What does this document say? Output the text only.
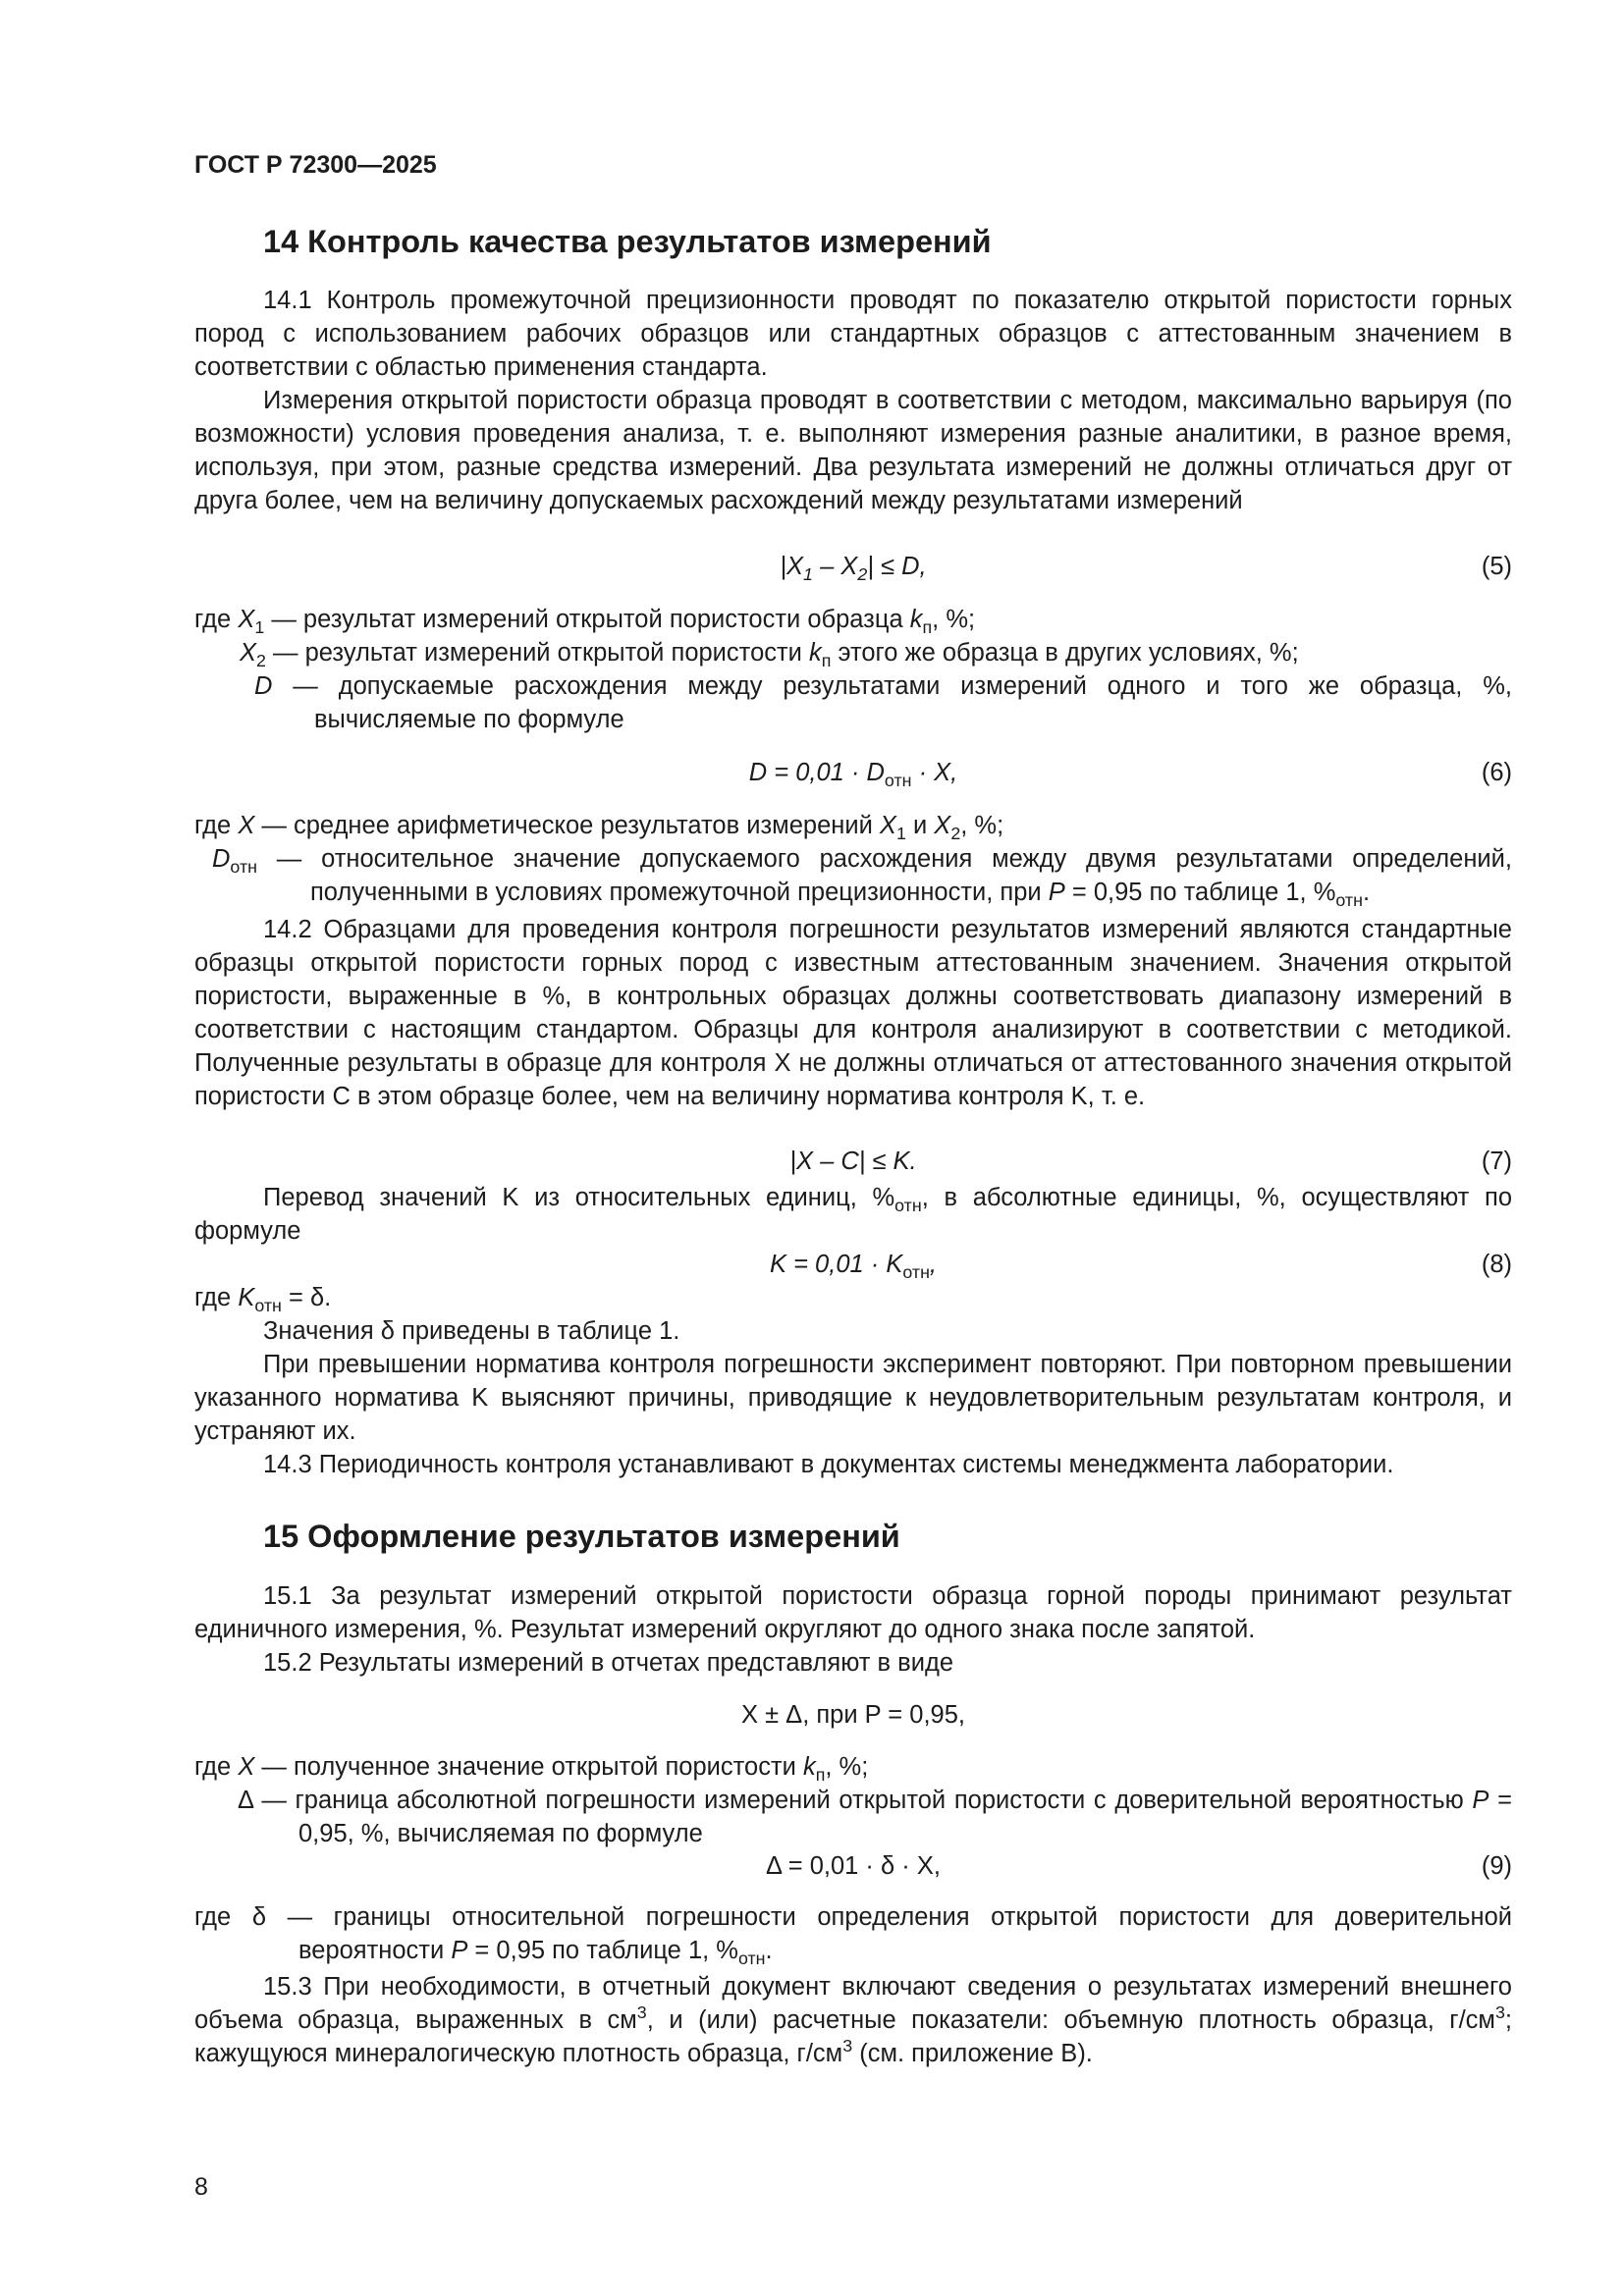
ГОСТ Р 72300—2025
14 Контроль качества результатов измерений

14.1 Контроль промежуточной прецизионности проводят по показателю открытой пористости горных пород с использованием рабочих образцов или стандартных образцов с аттестованным значением в соответствии с областью применения стандарта.

Измерения открытой пористости образца проводят в соответствии с методом, максимально варьируя (по возможности) условия проведения анализа, т. е. выполняют измерения разные аналитики, в разное время, используя, при этом, разные средства измерений. Два результата измерений не должны отличаться друг от друга более, чем на величину допускаемых расхождений между результатами измерений

$|X_1 - X_2| \le D$,	(5)
где $X_1$ — результат измерений открытой пористости образца $k_п$, %;
$X_2$ — результат измерений открытой пористости $k_п$ этого же образца в других условиях, %;
D — допускаемые расхождения между результатами измерений одного и того же образца, %, вычисляемые по формуле
$D = 0,01 \cdot D_{отн} \cdot X$,	(6)
где X — среднее арифметическое результатов измерений $X_1$ и $X_2$, %;
$D_{отн}$ — относительное значение допускаемого расхождения между двумя результатами определений, полученными в условиях промежуточной прецизионности, при P = 0,95 по таблице 1, $\%_{отн}$.

14.2 Образцами для проведения контроля погрешности результатов измерений являются стандартные образцы открытой пористости горных пород с известным аттестованным значением. Значения открытой пористости, выраженные в %, в контрольных образцах должны соответствовать диапазону измерений в соответствии с настоящим стандартом. Образцы для контроля анализируют в соответствии с методикой. Полученные результаты в образце для контроля X не должны отличаться от аттестованного значения открытой пористости C в этом образце более, чем на величину норматива контроля K, т. е.

|X – C| ≤ K.	(7)

Перевод значений K из относительных единиц, $\%_{отн}$, в абсолютные единицы, %, осуществляют по формуле

$K = 0,01 \cdot K_{отн}$,	(8)
где $K_{отн} = \delta$.

Значения δ приведены в таблице 1.

При превышении норматива контроля погрешности эксперимент повторяют. При повторном превышении указанного норматива K выясняют причины, приводящие к неудовлетворительным результатам контроля, и устраняют их.

14.3 Периодичность контроля устанавливают в документах системы менеджмента лаборатории.

15 Оформление результатов измерений

15.1 За результат измерений открытой пористости образца горной породы принимают результат единичного измерения, %. Результат измерений округляют до одного знака после запятой.

15.2 Результаты измерений в отчетах представляют в виде

X ± Δ, при P = 0,95,
где X — полученное значение открытой пористости $k_п$, %;
Δ — граница абсолютной погрешности измерений открытой пористости с доверительной вероятностью P = 0,95, %, вычисляемая по формуле
Δ = 0,01 · δ · X,	(9)
где δ — границы относительной погрешности определения открытой пористости для доверительной вероятности P = 0,95 по таблице 1, $\%_{отн}$.

15.3 При необходимости, в отчетный документ включают сведения о результатах измерений внешнего объема образца, выраженных в $см^3$, и (или) расчетные показатели: объемную плотность образца, $г/см^3$; кажущуюся минералогическую плотность образца, $г/см^3$ (см. приложение В).

8
